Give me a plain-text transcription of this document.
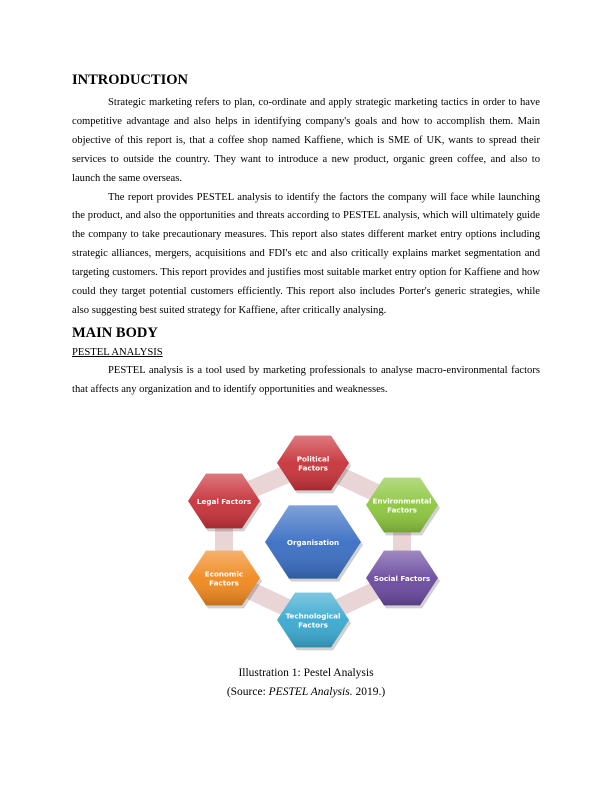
INTRODUCTION

Strategic marketing refers to plan, co-ordinate and apply strategic marketing tactics in order to have competitive advantage and also helps in identifying company's goals and how to accomplish them. Main objective of this report is, that a coffee shop named Kaffiene, which is SME of UK, wants to spread their services to outside the country. They want to introduce a new product, organic green coffee, and also to launch the same overseas.

The report provides PESTEL analysis to identify the factors the company will face while launching the product, and also the opportunities and threats according to PESTEL analysis, which will ultimately guide the company to take precautionary measures. This report also states different market entry options including strategic alliances, mergers, acquisitions and FDI's etc and also critically explains market segmentation and targeting customers. This report provides and justifies most suitable market entry option for Kaffiene and how could they target potential customers efficiently. This report also includes Porter's generic strategies, while also suggesting best suited strategy for Kaffiene, after critically analysing.

MAIN BODY

PESTEL ANALYSIS

PESTEL analysis is a tool used by marketing professionals to analyse macro-environmental factors that affects any organization and to identify opportunities and weaknesses.

Political
Factors
Environmental
Factors
Social Factors
Technological
Factors
Economic
Factors
Legal Factors
Organisation
Illustration 1: Pestel Analysis
(Source: PESTEL Analysis. 2019.)
